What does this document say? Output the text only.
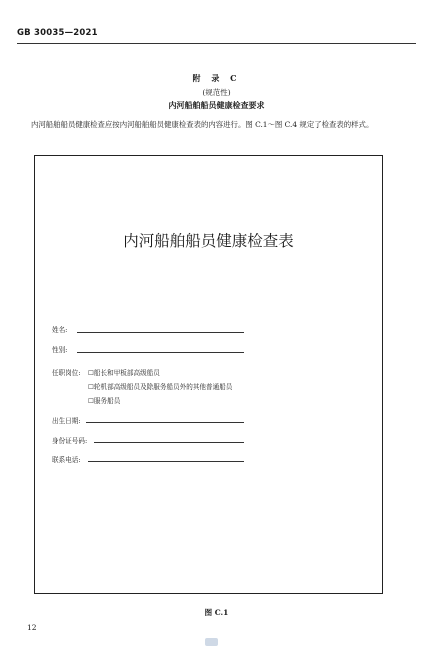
GB 30035—2021
附 录 C
(规范性)
内河船舶船员健康检查要求
内河船舶船员健康检查应按内河船舶船员健康检查表的内容进行。图 C.1～图 C.4 规定了检查表的样式。
内河船舶船员健康检查表
姓名:
性别:
任职岗位: ☐船长和甲板部高级船员
☐轮机部高级船员及除服务船员外的其他普通船员
☐服务船员
出生日期:
身份证号码:
联系电话:
图 C.1
12
